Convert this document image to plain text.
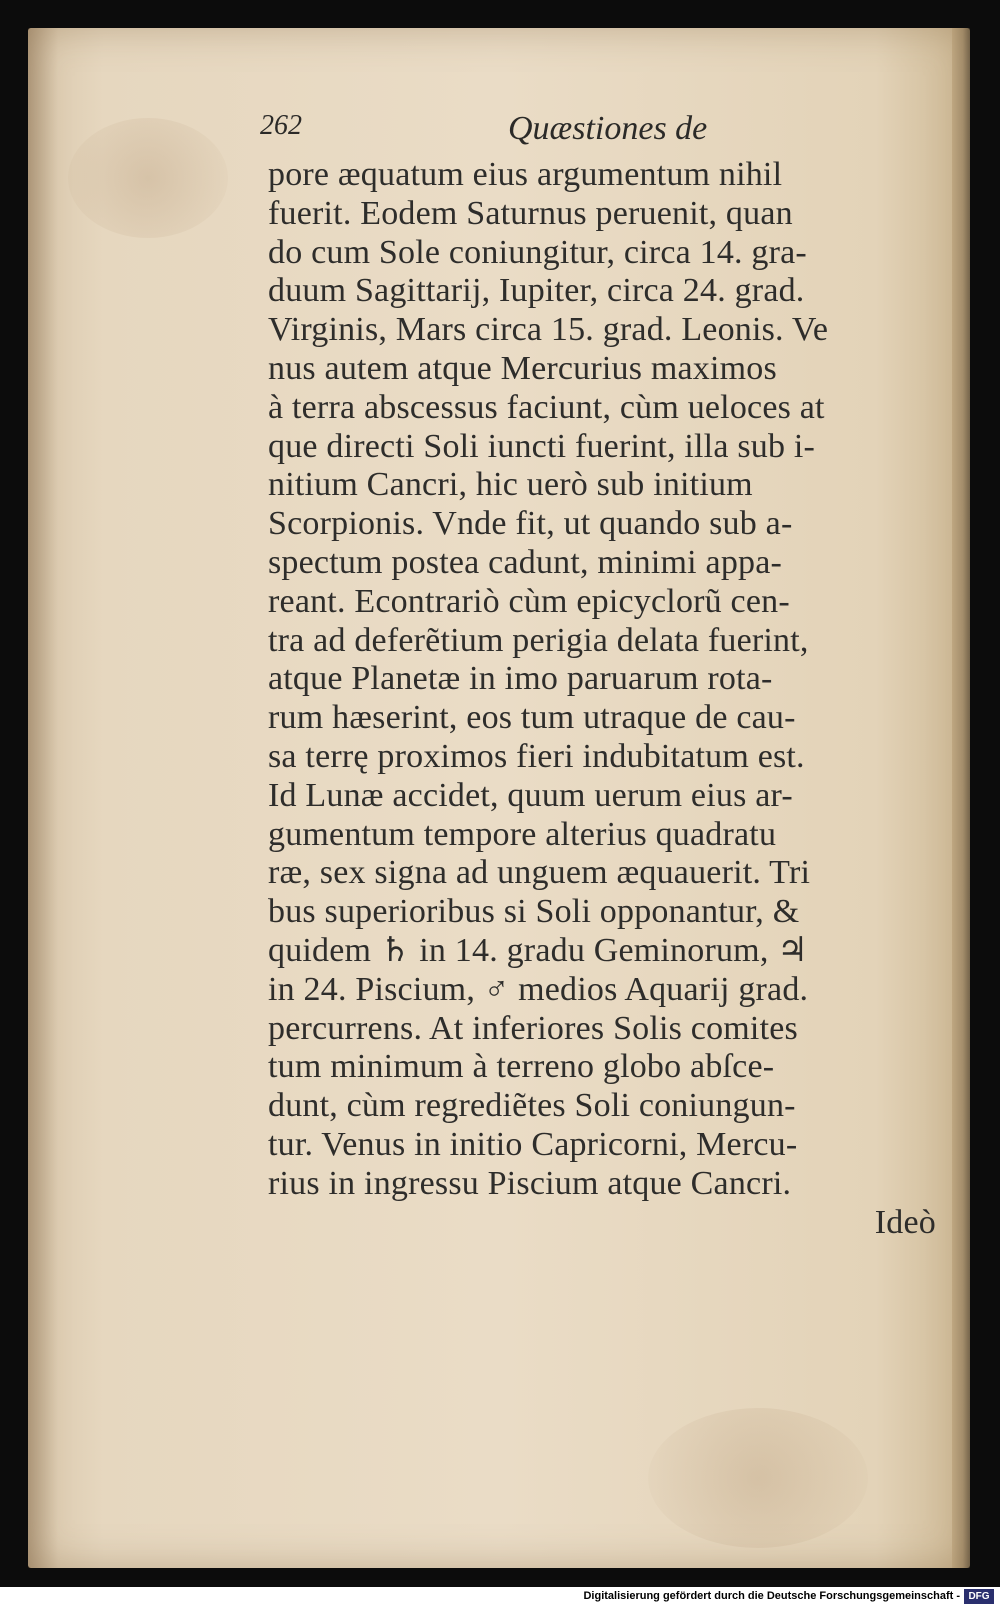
262	Quæstiones de
pore æquatum eius argumentum nihil
fuerit. Eodem Saturnus peruenit, quan
do cum Sole coniungitur, circa 14. gra-
duum Sagittarij, Iupiter, circa 24. grad.
Virginis, Mars circa 15. grad. Leonis. Ve
nus autem atque Mercurius maximos
à terra abscessus faciunt, cùm ueloces at
que directi Soli iuncti fuerint, illa sub i-
nitium Cancri, hic uerò sub initium
Scorpionis. Vnde fit, ut quando sub a-
spectum postea cadunt, minimi appa-
reant. Econtrariò cùm epicyclorũ cen-
tra ad deferẽtium perigia delata fuerint,
atque Planetæ in imo paruarum rota-
rum hæserint, eos tum utraque de cau-
sa terrę proximos fieri indubitatum est.
Id Lunæ accidet, quum uerum eius ar-
gumentum tempore alterius quadratu
ræ, sex signa ad unguem æquauerit. Tri
bus superioribus si Soli opponantur, &
quidem ♄ in 14. gradu Geminorum, ♃
in 24. Piscium, ♂ medios Aquarij grad.
percurrens. At inferiores Solis comites
tum minimum à terreno globo abſce-
dunt, cùm regrediẽtes Soli coniungun-
tur. Venus in initio Capricorni, Mercu-
rius in ingressu Piscium atque Cancri.
Ideò
Digitalisierung gefördert durch die Deutsche Forschungsgemeinschaft - DFG
